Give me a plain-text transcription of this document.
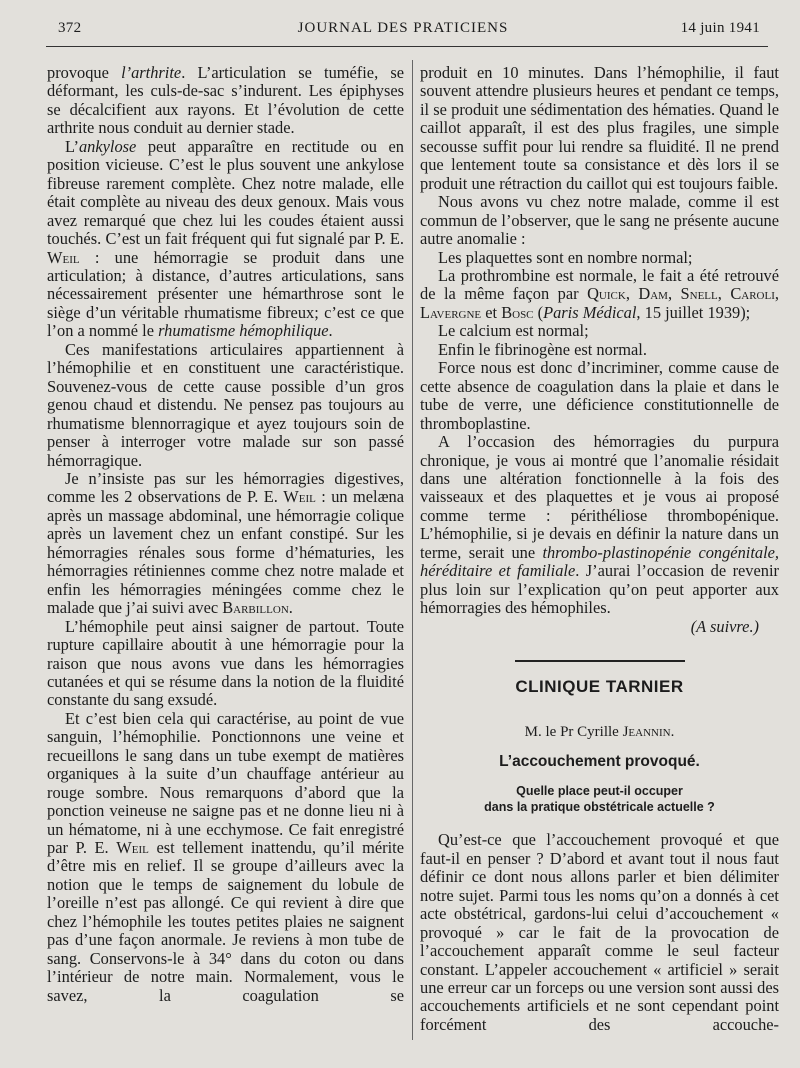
372	JOURNAL DES PRATICIENS	14 juin 1941

provoque l’arthrite. L’articulation se tuméfie, se déformant, les culs-de-sac s’indurent. Les épiphyses se décalcifient aux rayons. Et l’évolution de cette arthrite nous conduit au dernier stade.

L’ankylose peut apparaître en rectitude ou en position vicieuse. C’est le plus souvent une ankylose fibreuse rarement complète. Chez notre malade, elle était complète au niveau des deux genoux. Mais vous avez remarqué que chez lui les coudes étaient aussi touchés. C’est un fait fréquent qui fut signalé par P. E. Weil : une hémorragie se produit dans une articulation; à distance, d’autres articulations, sans nécessairement présenter une hémarthrose sont le siège d’un véritable rhumatisme fibreux; c’est ce que l’on a nommé le rhumatisme hémophilique.

Ces manifestations articulaires appartiennent à l’hémophilie et en constituent une caractéristique. Souvenez-vous de cette cause possible d’un gros genou chaud et distendu. Ne pensez pas toujours au rhumatisme blennorragique et ayez toujours soin de penser à interroger votre malade sur son passé hémorragique.

Je n’insiste pas sur les hémorragies digestives, comme les 2 observations de P. E. Weil : un melæna après un massage abdominal, une hémorragie colique après un lavement chez un enfant constipé. Sur les hémorragies rénales sous forme d’hématuries, les hémorragies rétiniennes comme chez notre malade et enfin les hémorragies méningées comme chez le malade que j’ai suivi avec Barbillon.

L’hémophile peut ainsi saigner de partout. Toute rupture capillaire aboutit à une hémorragie pour la raison que nous avons vue dans les hémorragies cutanées et qui se résume dans la notion de la fluidité constante du sang exsudé.

Et c’est bien cela qui caractérise, au point de vue sanguin, l’hémophilie. Ponctionnons une veine et recueillons le sang dans un tube exempt de matières organiques à la suite d’un chauffage antérieur au rouge sombre. Nous remarquons d’abord que la ponction veineuse ne saigne pas et ne donne lieu ni à un hématome, ni à une ecchymose. Ce fait enregistré par P. E. Weil est tellement inattendu, qu’il mérite d’être mis en relief. Il se groupe d’ailleurs avec la notion que le temps de saignement du lobule de l’oreille n’est pas allongé. Ce qui revient à dire que chez l’hémophile les toutes petites plaies ne saignent pas d’une façon anormale. Je reviens à mon tube de sang. Conservons-le à 34° dans du coton ou dans l’intérieur de notre main. Normalement, vous le savez, la coagulation se

produit en 10 minutes. Dans l’hémophilie, il faut souvent attendre plusieurs heures et pendant ce temps, il se produit une sédimentation des hématies. Quand le caillot apparaît, il est des plus fragiles, une simple secousse suffit pour lui rendre sa fluidité. Il ne prend que lentement toute sa consistance et dès lors il se produit une rétraction du caillot qui est toujours faible.

Nous avons vu chez notre malade, comme il est commun de l’observer, que le sang ne présente aucune autre anomalie :

Les plaquettes sont en nombre normal;

La prothrombine est normale, le fait a été retrouvé de la même façon par Quick, Dam, Snell, Caroli, Lavergne et Bosc (Paris Médical, 15 juillet 1939);

Le calcium est normal;

Enfin le fibrinogène est normal.

Force nous est donc d’incriminer, comme cause de cette absence de coagulation dans la plaie et dans le tube de verre, une déficience constitutionnelle de thromboplastine.

A l’occasion des hémorragies du purpura chronique, je vous ai montré que l’anomalie résidait dans une altération fonctionnelle à la fois des vaisseaux et des plaquettes et je vous ai proposé comme terme : périthéliose thrombopénique. L’hémophilie, si je devais en définir la nature dans un terme, serait une thrombo-plastinopénie congénitale, héréditaire et familiale. J’aurai l’occasion de revenir plus loin sur l’explication qu’on peut apporter aux hémorragies des hémophiles.

(A suivre.)
CLINIQUE TARNIER
M. le Pr Cyrille Jeannin.
L’accouchement provoqué.
Quelle place peut-il occuper
dans la pratique obstétricale actuelle ?

Qu’est-ce que l’accouchement provoqué et que faut-il en penser ? D’abord et avant tout il nous faut définir ce dont nous allons parler et bien délimiter notre sujet. Parmi tous les noms qu’on a donnés à cet acte obstétrical, gardons-lui celui d’accouchement « provoqué » car le fait de la provocation de l’accouchement apparaît comme le seul facteur constant. L’appeler accouchement « artificiel » serait une erreur car un forceps ou une version sont aussi des accouchements artificiels et ne sont cependant point forcément des accouche-
